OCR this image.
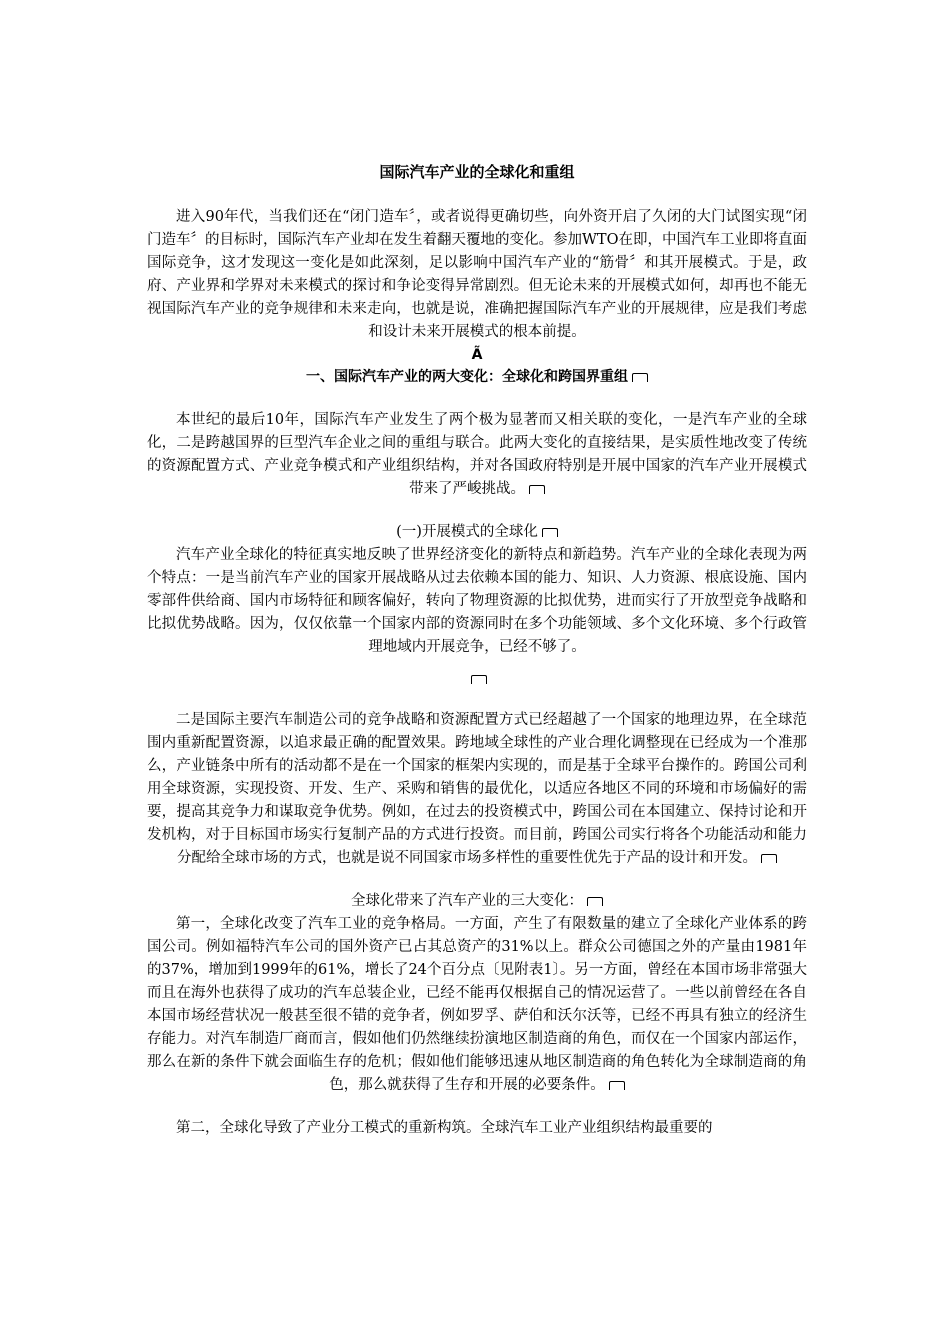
国际汽车产业的全球化和重组

进入90年代，当我们还在“闭门造车〞，或者说得更确切些，向外资开启了久闭的大门试图实现“闭门造车〞的目标时，国际汽车产业却在发生着翻天覆地的变化。参加WTO在即，中国汽车工业即将直面国际竞争，这才发现这一变化是如此深刻，足以影响中国汽车产业的“筋骨〞和其开展模式。于是，政府、产业界和学界对未来模式的探讨和争论变得异常剧烈。但无论未来的开展模式如何，却再也不能无视国际汽车产业的竞争规律和未来走向，也就是说，准确把握国际汽车产业的开展规律，应是我们考虑和设计未来开展模式的根本前提。

Ã

一、国际汽车产业的两大变化：全球化和跨国界重组

本世纪的最后10年，国际汽车产业发生了两个极为显著而又相关联的变化，一是汽车产业的全球化，二是跨越国界的巨型汽车企业之间的重组与联合。此两大变化的直接结果，是实质性地改变了传统的资源配置方式、产业竞争模式和产业组织结构，并对各国政府特别是开展中国家的汽车产业开展模式带来了严峻挑战。

(一)开展模式的全球化

汽车产业全球化的特征真实地反映了世界经济变化的新特点和新趋势。汽车产业的全球化表现为两个特点：一是当前汽车产业的国家开展战略从过去依赖本国的能力、知识、人力资源、根底设施、国内零部件供给商、国内市场特征和顾客偏好，转向了物理资源的比拟优势，进而实行了开放型竞争战略和比拟优势战略。因为，仅仅依靠一个国家内部的资源同时在多个功能领域、多个文化环境、多个行政管理地域内开展竞争，已经不够了。

二是国际主要汽车制造公司的竞争战略和资源配置方式已经超越了一个国家的地理边界，在全球范围内重新配置资源，以追求最正确的配置效果。跨地域全球性的产业合理化调整现在已经成为一个准那么，产业链条中所有的活动都不是在一个国家的框架内实现的，而是基于全球平台操作的。跨国公司利用全球资源，实现投资、开发、生产、采购和销售的最优化，以适应各地区不同的环境和市场偏好的需要，提高其竞争力和谋取竞争优势。例如，在过去的投资模式中，跨国公司在本国建立、保持讨论和开发机构，对于目标国市场实行复制产品的方式进行投资。而目前，跨国公司实行将各个功能活动和能力分配给全球市场的方式，也就是说不同国家市场多样性的重要性优先于产品的设计和开发。

全球化带来了汽车产业的三大变化：

第一，全球化改变了汽车工业的竞争格局。一方面，产生了有限数量的建立了全球化产业体系的跨国公司。例如福特汽车公司的国外资产已占其总资产的31%以上。群众公司德国之外的产量由1981年的37%，增加到1999年的61%，增长了24个百分点〔见附表1〕。另一方面，曾经在本国市场非常强大而且在海外也获得了成功的汽车总装企业，已经不能再仅根据自己的情况运营了。一些以前曾经在各自本国市场经营状况一般甚至很不错的竞争者，例如罗孚、萨伯和沃尔沃等，已经不再具有独立的经济生存能力。对汽车制造厂商而言，假如他们仍然继续扮演地区制造商的角色，而仅在一个国家内部运作，那么在新的条件下就会面临生存的危机；假如他们能够迅速从地区制造商的角色转化为全球制造商的角色，那么就获得了生存和开展的必要条件。

第二，全球化导致了产业分工模式的重新构筑。全球汽车工业产业组织结构最重要的
